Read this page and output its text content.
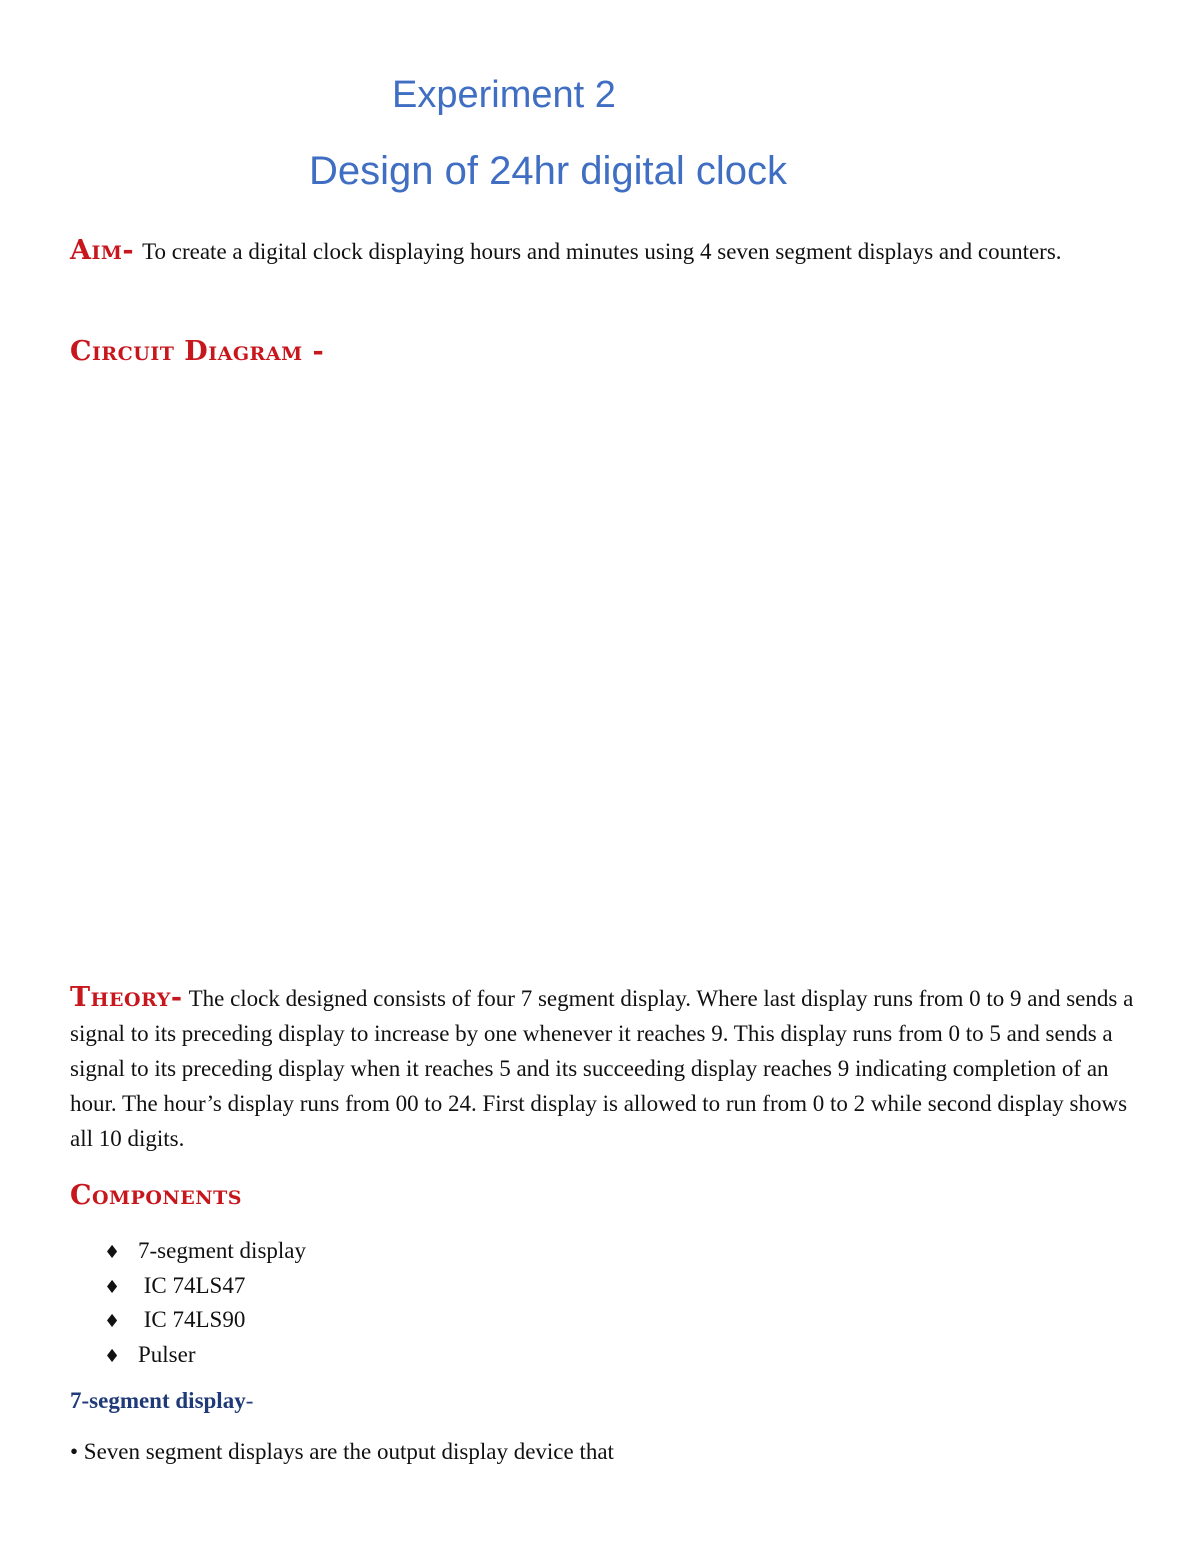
Experiment 2
Design of 24hr digital clock
Aim- To create a digital clock displaying hours and minutes using 4 seven segment displays and counters.
Circuit Diagram -
Theory- The clock designed consists of four 7 segment display. Where last display runs from 0 to 9 and sends a signal to its preceding display to increase by one whenever it reaches 9. This display runs from 0 to 5 and sends a signal to its preceding display when it reaches 5 and its succeeding display reaches 9 indicating completion of an hour. The hour’s display runs from 00 to 24. First display is allowed to run from 0 to 2 while second display shows all 10 digits.
Components
♦ 7-segment display
♦ IC 74LS47
♦ IC 74LS90
♦ Pulser
7-segment display-
• Seven segment displays are the output display device that
